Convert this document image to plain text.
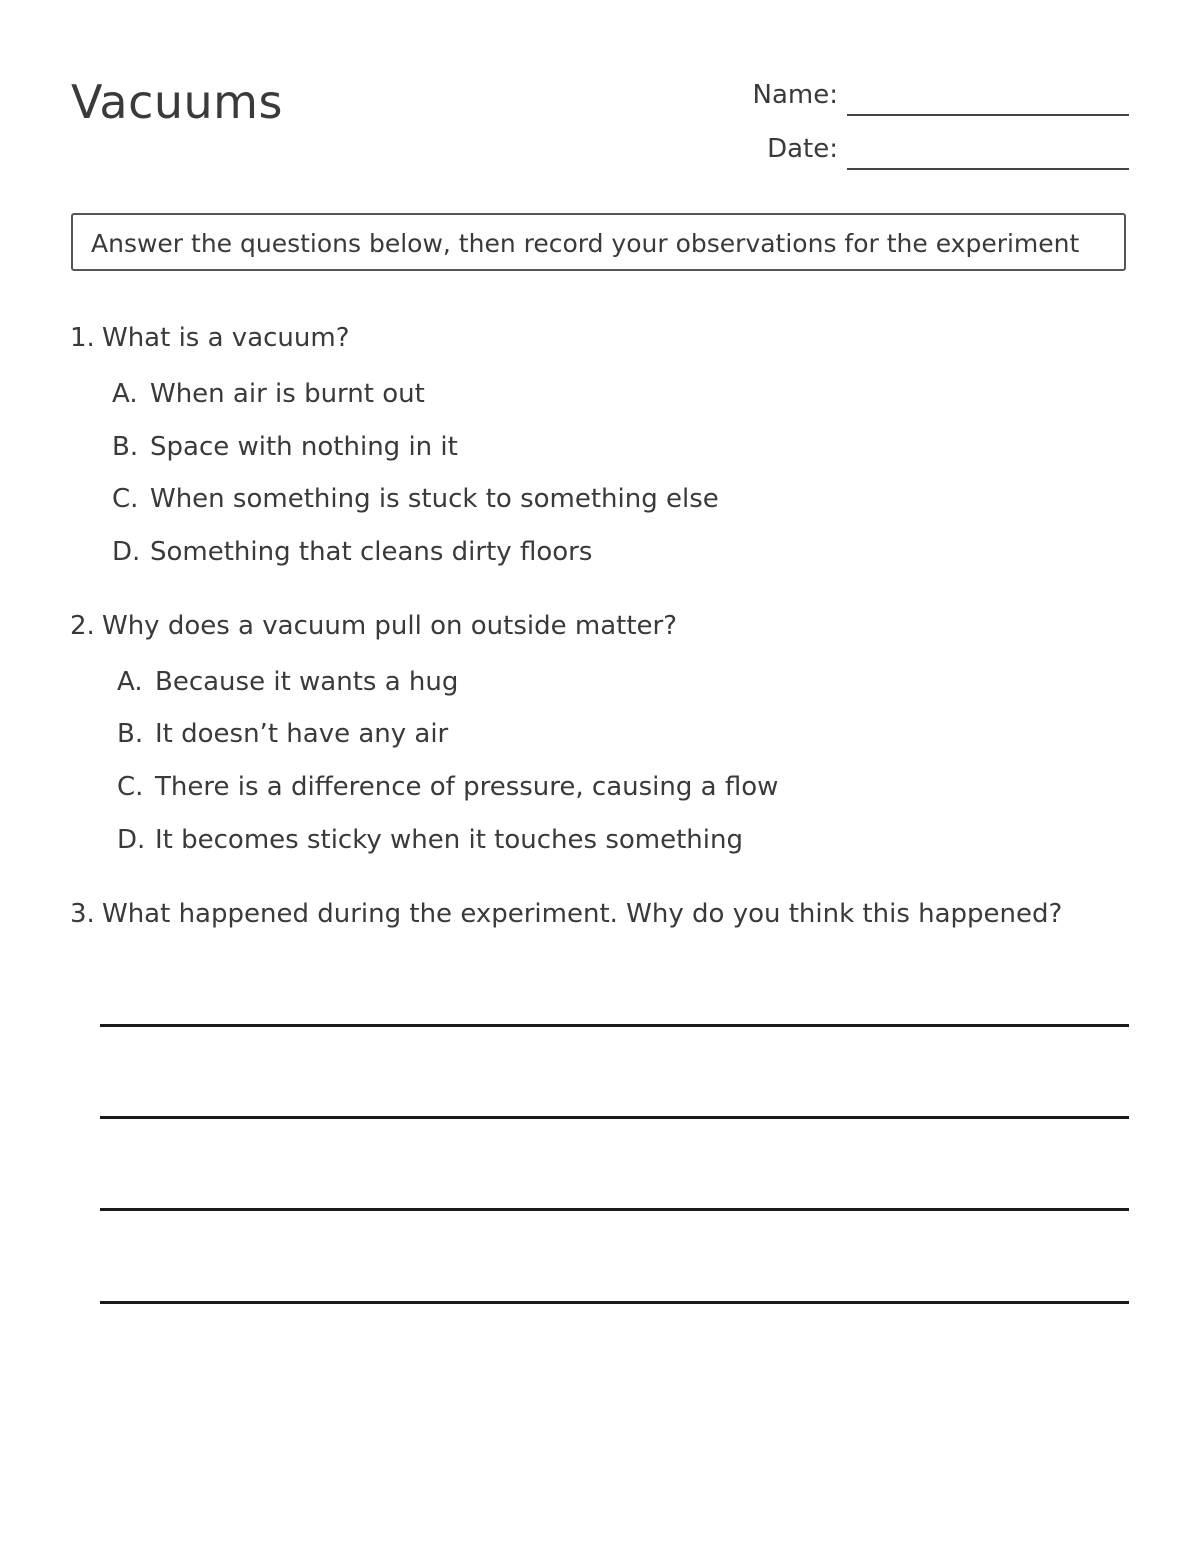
Vacuums	Name:
Date:
Answer the questions below, then record your observations for the experiment
1. What is a vacuum?
A. When air is burnt out
B. Space with nothing in it
C. When something is stuck to something else
D. Something that cleans dirty floors
2. Why does a vacuum pull on outside matter?
A. Because it wants a hug
B. It doesn’t have any air
C. There is a difference of pressure, causing a flow
D. It becomes sticky when it touches something
3. What happened during the experiment. Why do you think this happened?
